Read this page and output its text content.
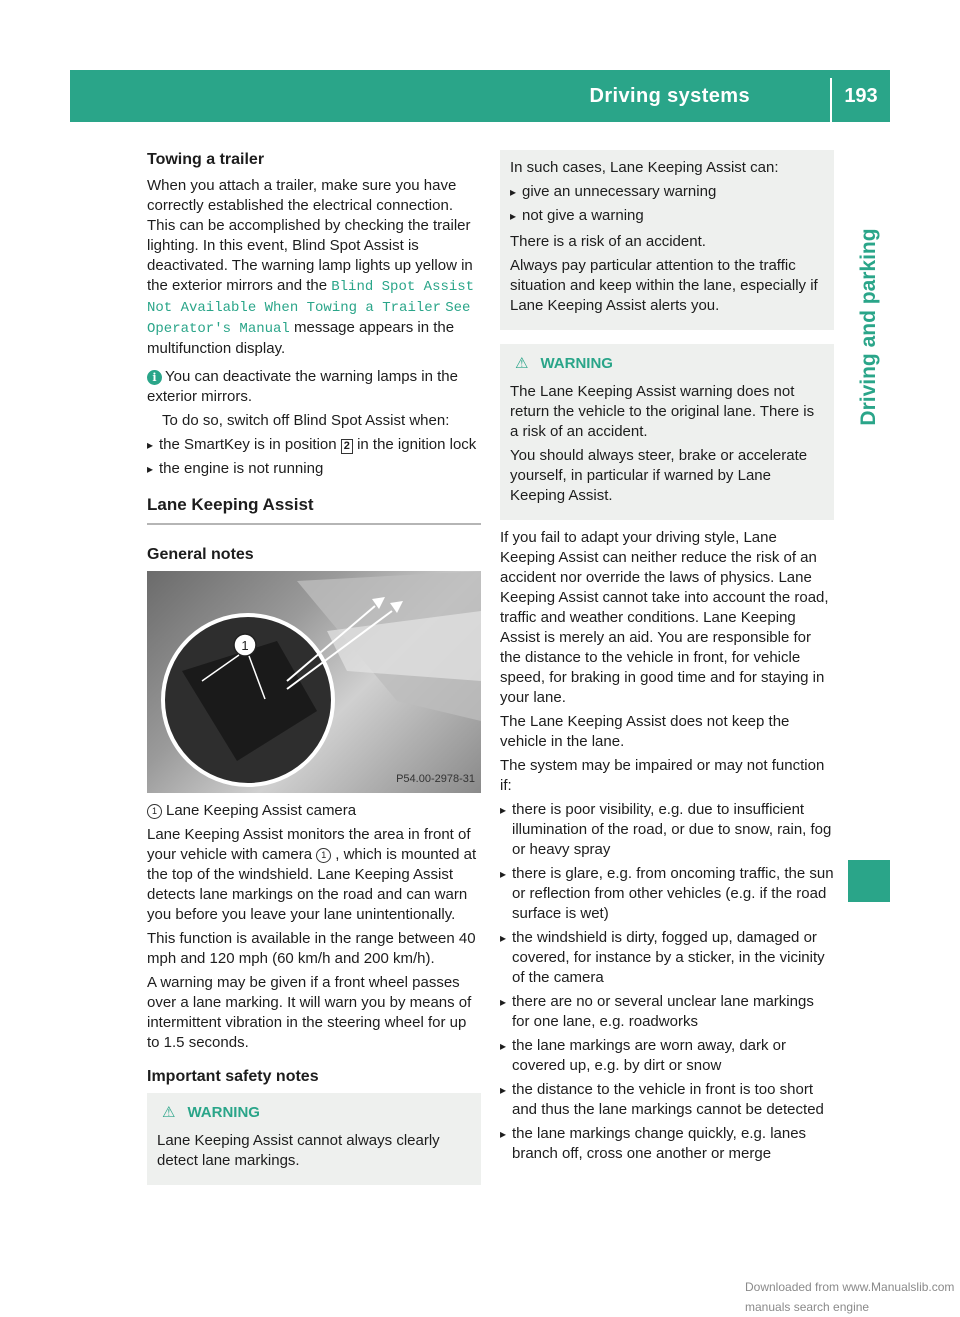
Driving systems	193
Driving and parking
Towing a trailer

When you attach a trailer, make sure you have correctly established the electrical connection. This can be accomplished by checking the trailer lighting. In this event, Blind Spot Assist is deactivated. The warning lamp lights up yellow in the exterior mirrors and the Blind Spot Assist Not Available When Towing a Trailer See Operator's Manual message appears in the multifunction display.

i You can deactivate the warning lamps in the exterior mirrors.

To do so, switch off Blind Spot Assist when:

▸ the SmartKey is in position 2 in the ignition lock
▸ the engine is not running
Lane Keeping Assist
General notes
1
P54.00-2978-31

1 Lane Keeping Assist camera

Lane Keeping Assist monitors the area in front of your vehicle with camera 1 , which is mounted at the top of the windshield. Lane Keeping Assist detects lane markings on the road and can warn you before you leave your lane unintentionally.

This function is available in the range between 40 mph and 120 mph (60 km/h and 200 km/h).

A warning may be given if a front wheel passes over a lane marking. It will warn you by means of intermittent vibration in the steering wheel for up to 1.5 seconds.

Important safety notes
⚠ WARNING

Lane Keeping Assist cannot always clearly detect lane markings.

In such cases, Lane Keeping Assist can:

▸ give an unnecessary warning
▸ not give a warning

There is a risk of an accident.

Always pay particular attention to the traffic situation and keep within the lane, especially if Lane Keeping Assist alerts you.

⚠ WARNING

The Lane Keeping Assist warning does not return the vehicle to the original lane. There is a risk of an accident.

You should always steer, brake or accelerate yourself, in particular if warned by Lane Keeping Assist.

If you fail to adapt your driving style, Lane Keeping Assist can neither reduce the risk of an accident nor override the laws of physics. Lane Keeping Assist cannot take into account the road, traffic and weather conditions. Lane Keeping Assist is merely an aid. You are responsible for the distance to the vehicle in front, for vehicle speed, for braking in good time and for staying in your lane.

The Lane Keeping Assist does not keep the vehicle in the lane.

The system may be impaired or may not function if:

▸ there is poor visibility, e.g. due to insufficient illumination of the road, or due to snow, rain, fog or heavy spray
▸ there is glare, e.g. from oncoming traffic, the sun or reflection from other vehicles (e.g. if the road surface is wet)
▸ the windshield is dirty, fogged up, damaged or covered, for instance by a sticker, in the vicinity of the camera
▸ there are no or several unclear lane markings for one lane, e.g. roadworks
▸ the lane markings are worn away, dark or covered up, e.g. by dirt or snow
▸ the distance to the vehicle in front is too short and thus the lane markings cannot be detected
▸ the lane markings change quickly, e.g. lanes branch off, cross one another or merge
Downloaded from www.Manualslib.com manuals search engine
